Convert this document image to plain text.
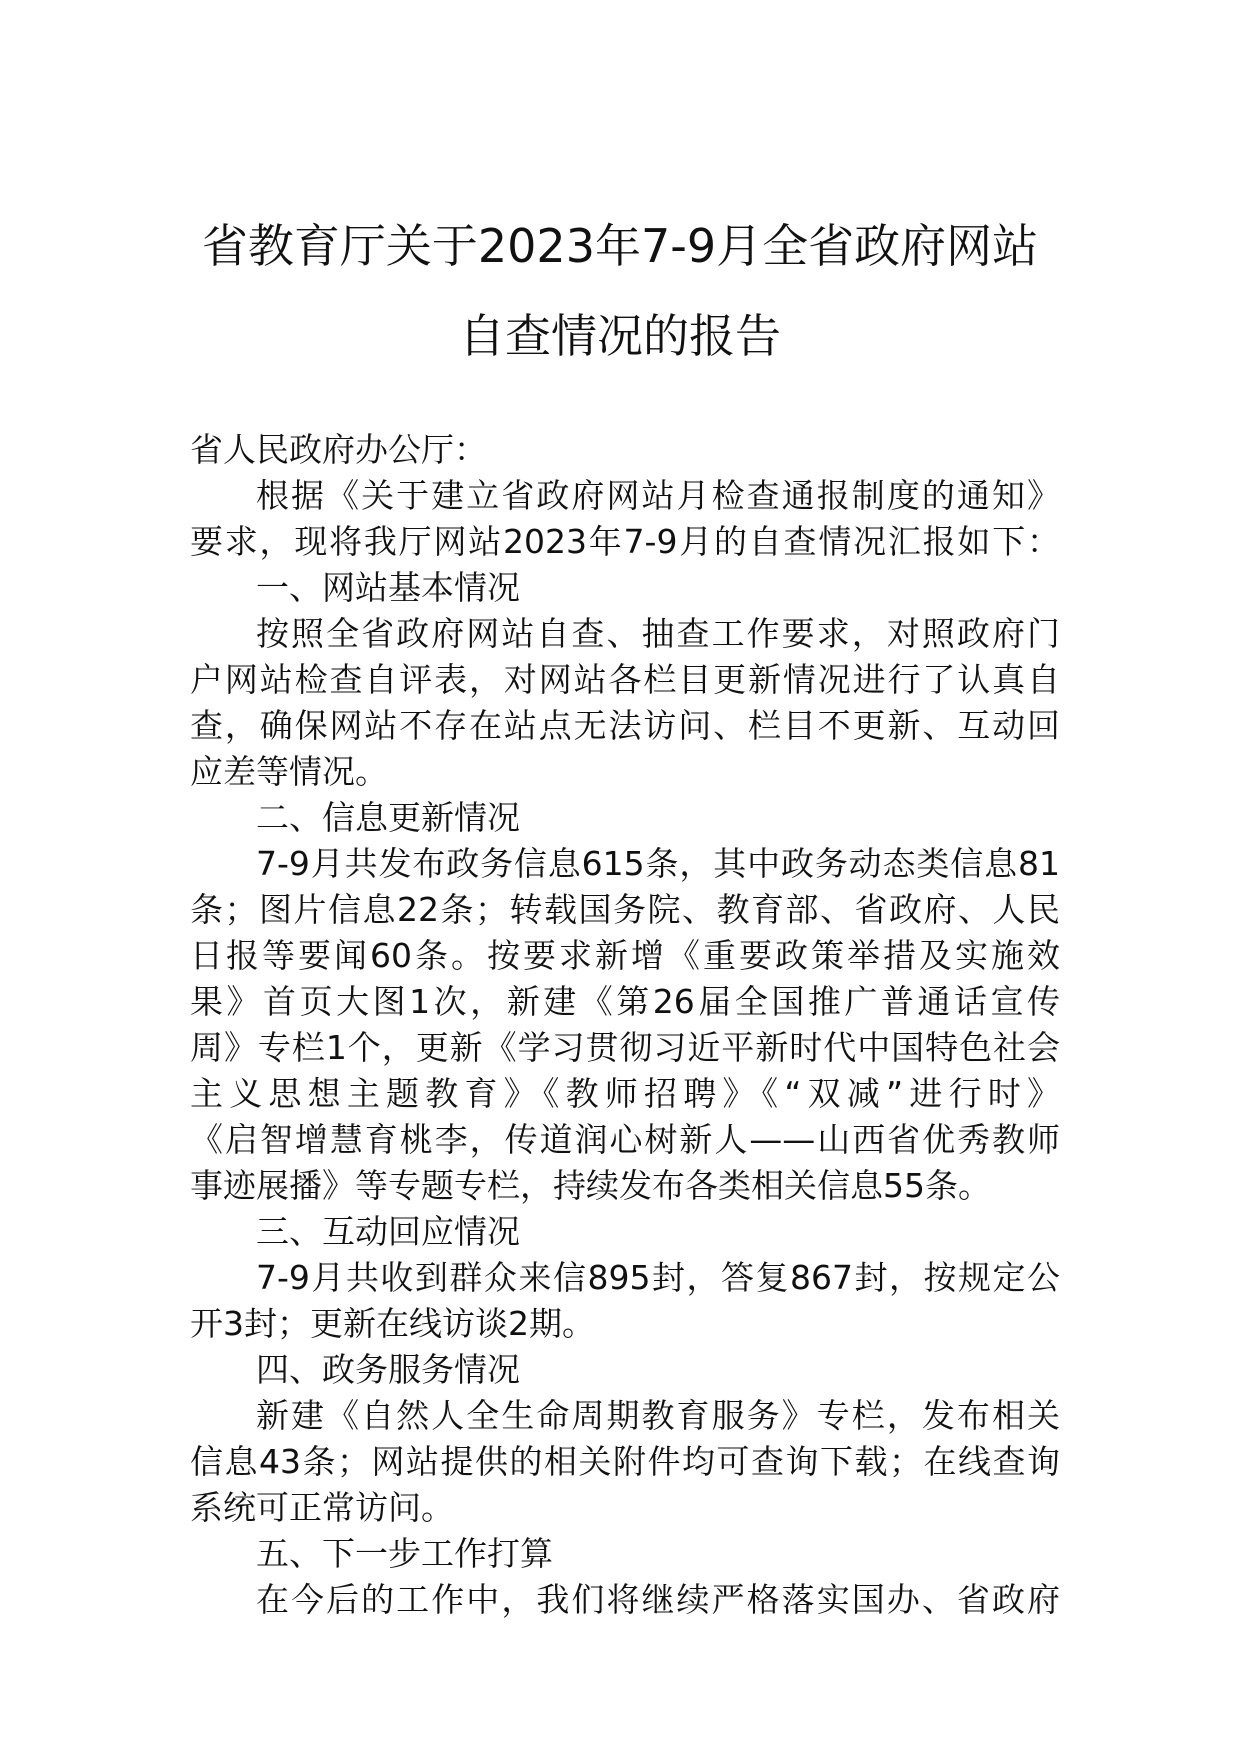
省教育厅关于2023年7-9月全省政府网站
自查情况的报告
省人民政府办公厅：
根据《关于建立省政府网站月检查通报制度的通知》
要求，现将我厅网站2023年7-9月的自查情况汇报如下：
一、网站基本情况
按照全省政府网站自查、抽查工作要求，对照政府门
户网站检查自评表，对网站各栏目更新情况进行了认真自
查，确保网站不存在站点无法访问、栏目不更新、互动回
应差等情况。
二、信息更新情况
7-9月共发布政务信息615条，其中政务动态类信息81
条；图片信息22条；转载国务院、教育部、省政府、人民
日报等要闻60条。按要求新增《重要政策举措及实施效
果》首页大图1次，新建《第26届全国推广普通话宣传
周》专栏1个，更新《学习贯彻习近平新时代中国特色社会
主义思想主题教育》《教师招聘》《“双减”进行时》
《启智增慧育桃李，传道润心树新人——山西省优秀教师
事迹展播》等专题专栏，持续发布各类相关信息55条。
三、互动回应情况
7-9月共收到群众来信895封，答复867封，按规定公
开3封；更新在线访谈2期。
四、政务服务情况
新建《自然人全生命周期教育服务》专栏，发布相关
信息43条；网站提供的相关附件均可查询下载；在线查询
系统可正常访问。
五、下一步工作打算
在今后的工作中，我们将继续严格落实国办、省政府
